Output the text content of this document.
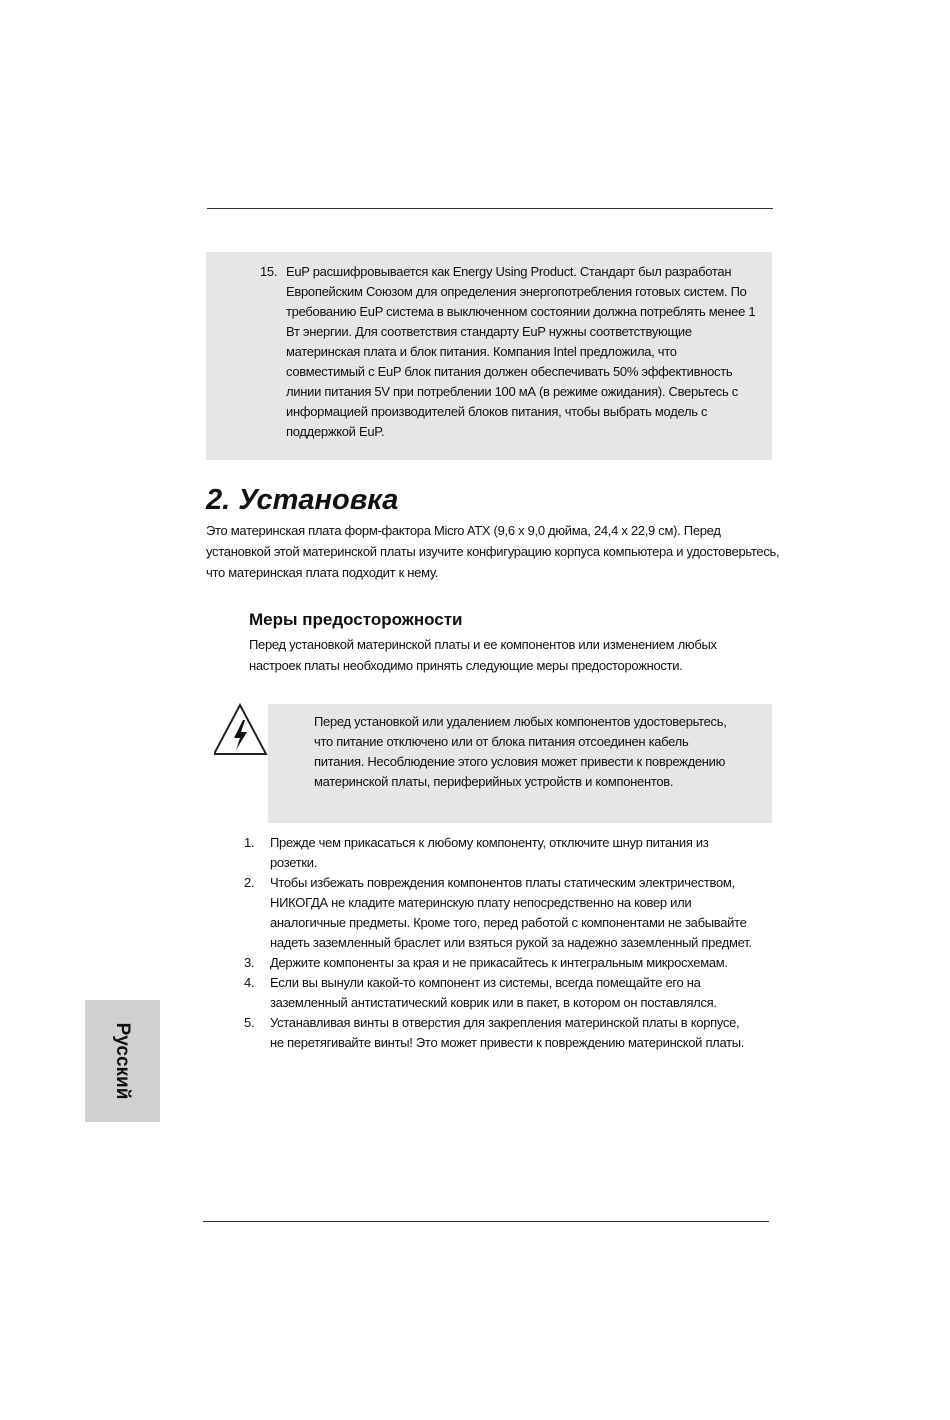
15. EuP расшифровывается как Energy Using Product. Стандарт был разработан Европейским Союзом для определения энергопотребления готовых систем. По требованию EuP система в выключенном состоянии должна потреблять менее 1 Вт энергии. Для соответствия стандарту EuP нужны соответствующие материнская плата и блок питания. Компания Intel предложила, что совместимый с EuP блок питания должен обеспечивать 50% эффективность линии питания 5V при потреблении 100 мА (в режиме ожидания). Сверьтесь с информацией производителей блоков питания, чтобы выбрать модель с поддержкой EuP.
2. Установка

Это материнская плата форм-фактора Micro ATX (9,6 x 9,0 дюйма, 24,4 x 22,9 см). Перед установкой этой материнской платы изучите конфигурацию корпуса компьютера и удостоверьтесь, что материнская плата подходит к нему.

Меры предосторожности

Перед установкой материнской платы и ее компонентов или изменением любых настроек платы необходимо принять следующие меры предосторожности.

Перед установкой или удалением любых компонентов удостоверьтесь, что питание отключено или от блока питания отсоединен кабель питания. Несоблюдение этого условия может привести к повреждению материнской платы, периферийных устройств и компонентов.

1. Прежде чем прикасаться к любому компоненту, отключите шнур питания из розетки.
2. Чтобы избежать повреждения компонентов платы статическим электричеством, НИКОГДА не кладите материнскую плату непосредственно на ковер или аналогичные предметы. Кроме того, перед работой с компонентами не забывайте надеть заземленный браслет или взяться рукой за надежно заземленный предмет.
3. Держите компоненты за края и не прикасайтесь к интегральным микросхемам.
4. Если вы вынули какой-то компонент из системы, всегда помещайте его на заземленный антистатический коврик или в пакет, в котором он поставлялся.
5. Устанавливая винты в отверстия для закрепления материнской платы в корпусе, не перетягивайте винты! Это может привести к повреждению материнской платы.
Русский
